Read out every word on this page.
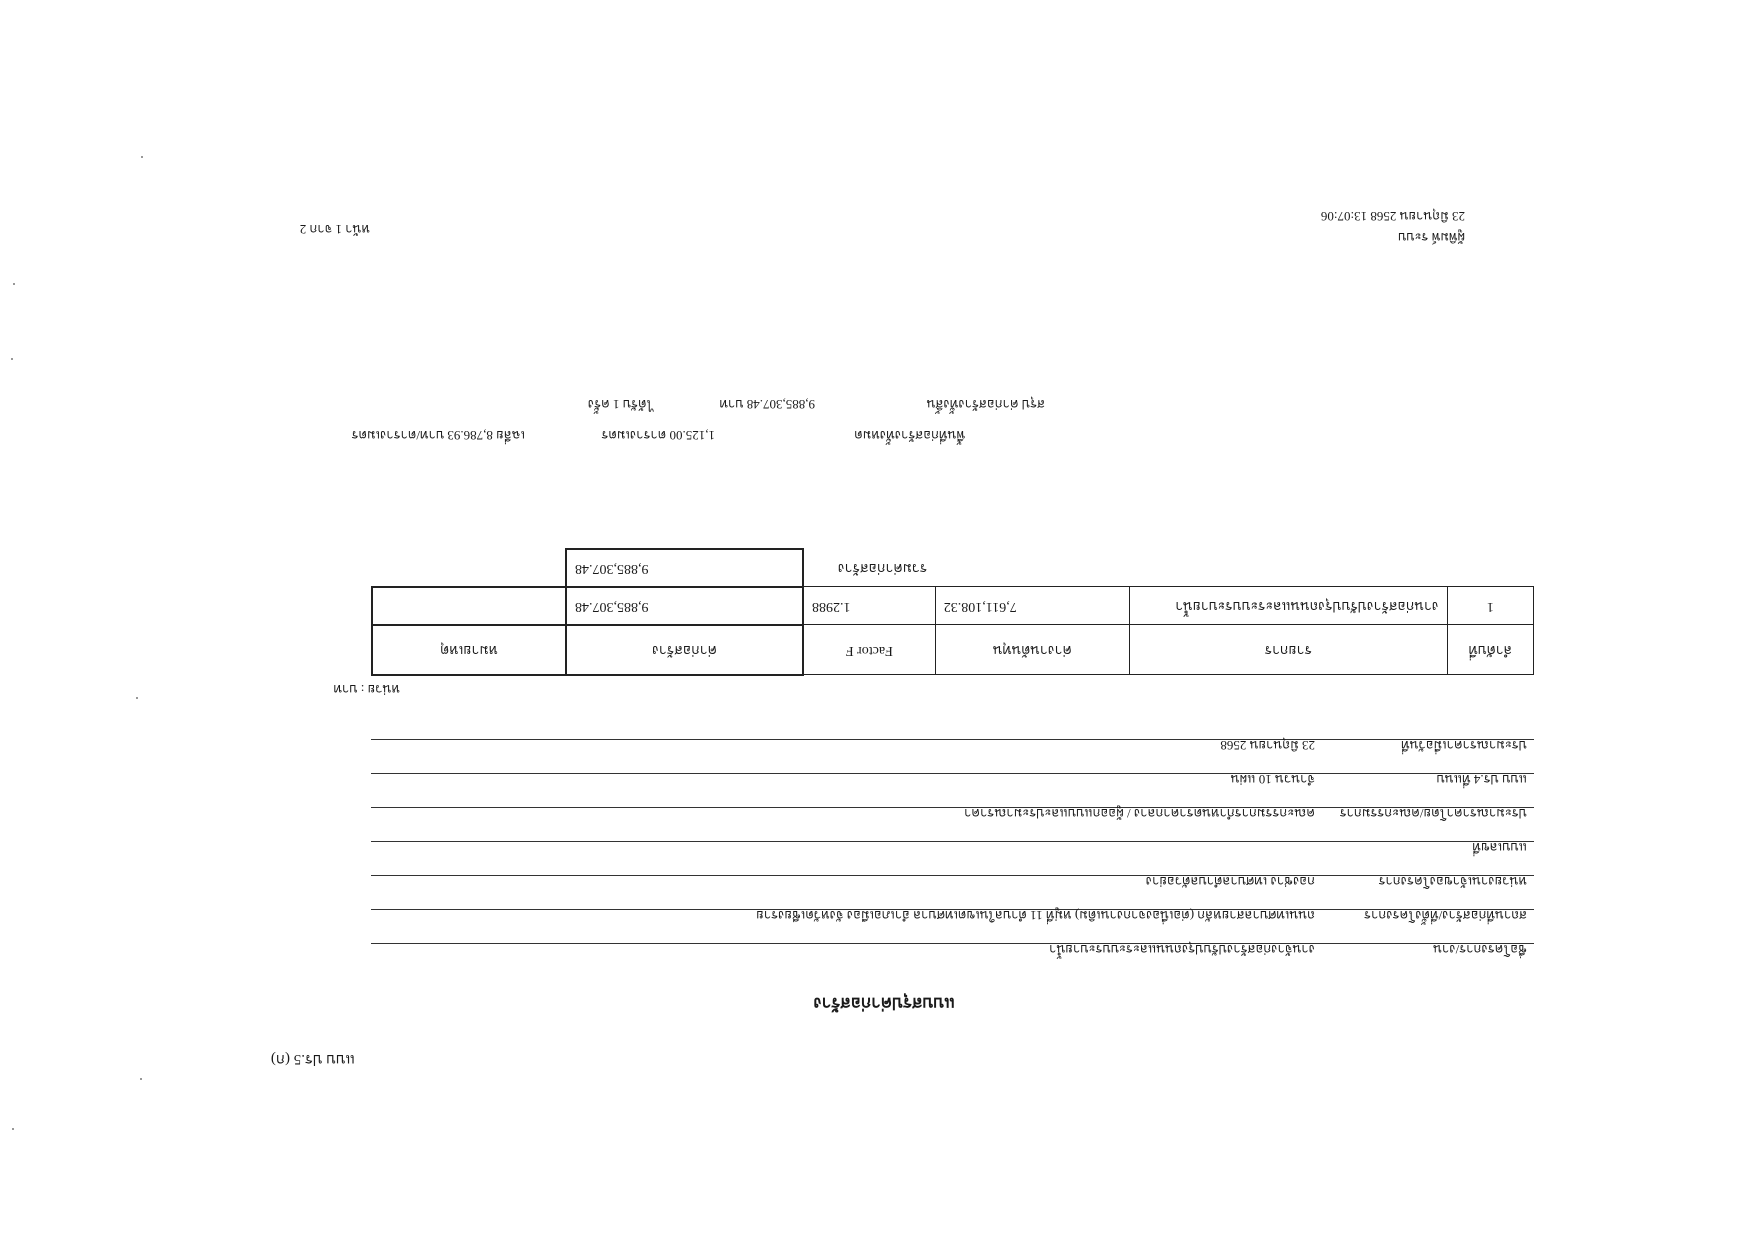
แบบ ปร.5 (ก)
แบบสรุปค่าก่อสร้าง
ชื่อโครงการ/งาน
งานจ้างก่อสร้างปรับปรุงถนนและระบบระบายน้ำ
สถานที่ก่อสร้าง/ที่ตั้งโครงการ
ถนนเทศบาลสายหลัก (ต่อเนื่องจากงานเดิม) หมู่ที่ 11 ตำบลในเขตเทศบาล อำเภอเมือง จังหวัดเชียงราย
หน่วยงานเจ้าของโครงการ
กองช่าง เทศบาลตำบลตัวอย่าง
แบบเลขที่
ประมาณราคาโดย/คณะกรรมการ
คณะกรรมการกำหนดราคากลาง / ผู้ออกแบบและประมาณราคา
แบบ ปร.4 ที่แนบ
จำนวน 10 แผ่น
ประมาณราคาเมื่อวันที่
23 มิถุนายน 2568
หน่วย : บาท
ลำดับที่	รายการ	ค่างานต้นทุน	Factor F	ค่าก่อสร้าง	หมายเหตุ
1	งานก่อสร้างปรับปรุงถนนและระบบระบายน้ำ	7,611,108.32	1.2988	9,885,307.48	
			รวมค่าก่อสร้าง	9,885,307.48	
พื้นที่ก่อสร้างทั้งหมด
1,125.00 ตารางเมตร
เฉลี่ย 8,786.93 บาท/ตารางเมตร
สรุป ค่าก่อสร้างทั้งสิ้น
9,885,307.48 บาท
ได้รับ 1 ครั้ง
ผู้พิมพ์ ระบบ
23 มิถุนายน 2568 13:07:06
หน้า 1 จาก 2
